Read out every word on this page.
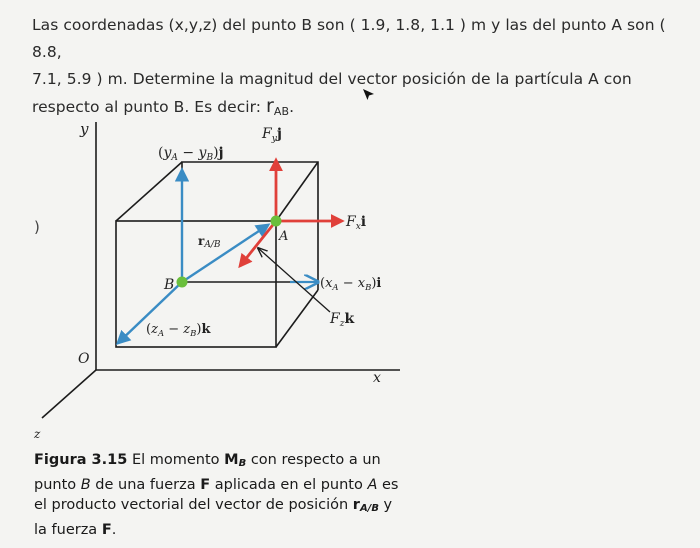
Las coordenadas (x,y,z) del punto B son ( 1.9, 1.8, 1.1 ) m y las del punto A son ( 8.8,
7.1, 5.9 ) m. Determine la magnitud del vector posición de la partícula A con
respecto al punto B. Es decir: $r_{AB}$.
)
y
x
z
O
B
A
$(y_A - y_B)j$
$F_yj$
$F_xi$
rA/B
$(x_A - x_B)i$
$F_zk$
$(z_A - z_B)k$
Figura 3.15 El momento $M_B$ con respecto a un punto B de una fuerza F aplicada en el punto A es el producto vectorial del vector de posición $r_{A/B}$ y la fuerza F.
